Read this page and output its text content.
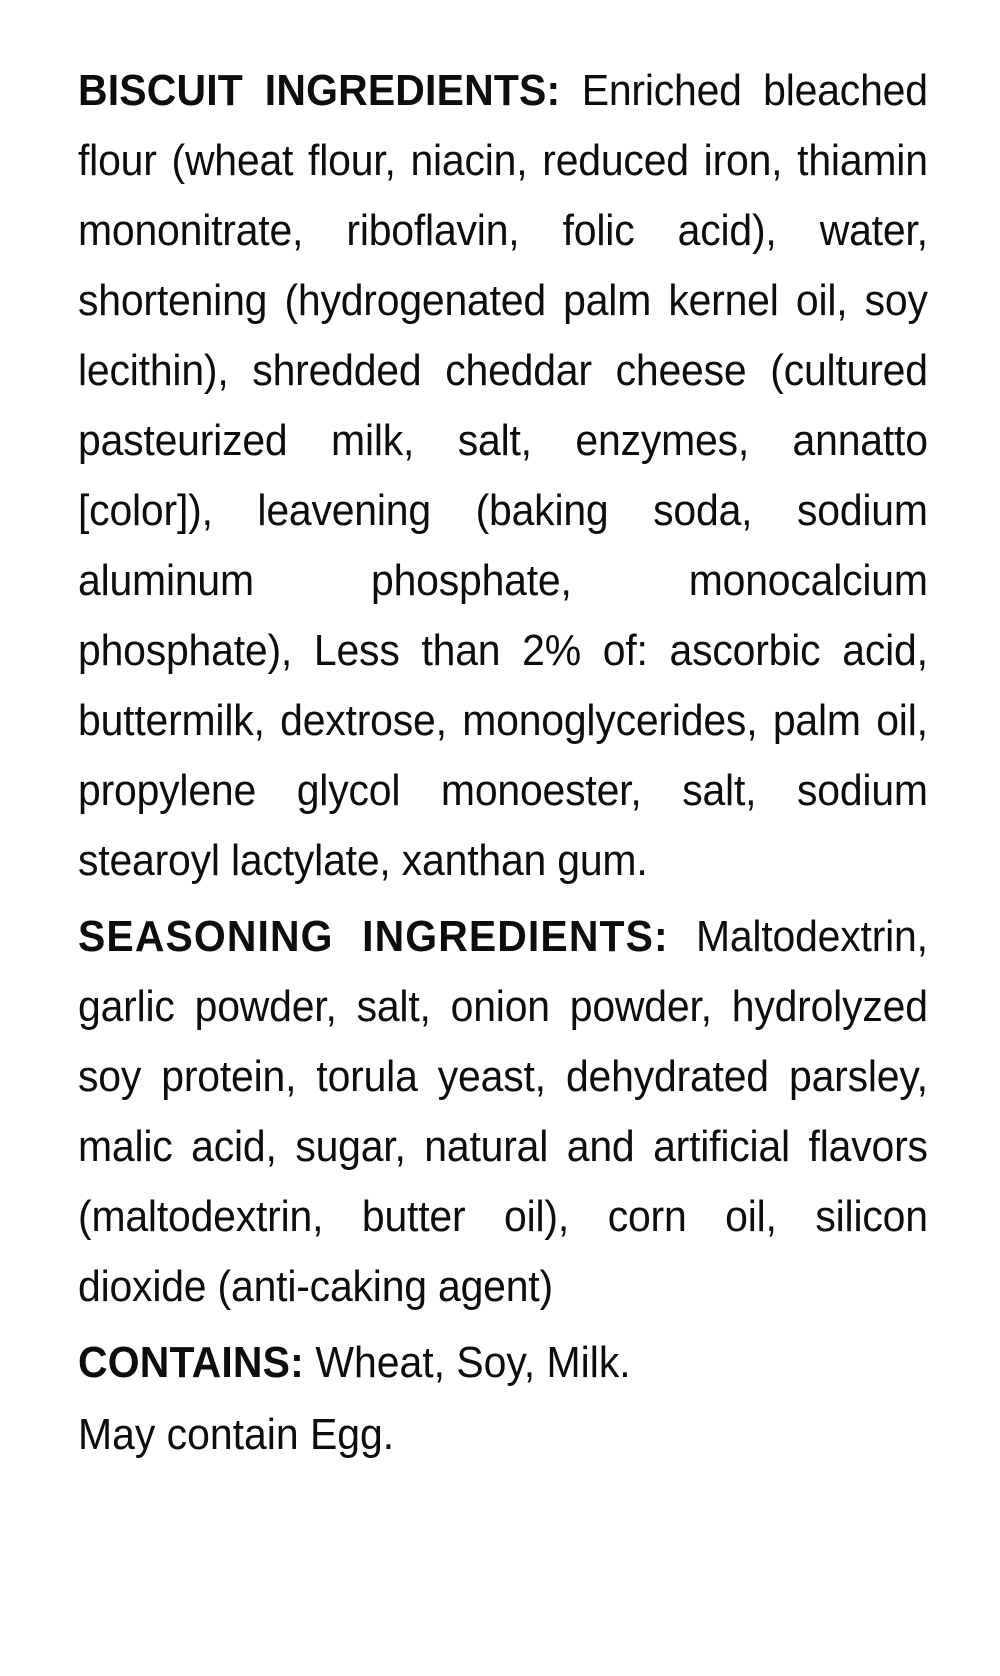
BISCUIT INGREDIENTS: Enriched bleached flour (wheat flour, niacin, reduced iron, thiamin mononitrate, riboflavin, folic acid), water, shortening (hydrogenated palm kernel oil, soy lecithin), shredded cheddar cheese (cultured pasteurized milk, salt, enzymes, annatto [color]), leavening (baking soda, sodium aluminum phosphate, monocalcium phosphate), Less than 2% of: ascorbic acid, buttermilk, dextrose, monoglycerides, palm oil, propylene glycol monoester, salt, sodium stearoyl lactylate, xanthan gum.

SEASONING INGREDIENTS: Maltodextrin, garlic powder, salt, onion powder, hydrolyzed soy protein, torula yeast, dehydrated parsley, malic acid, sugar, natural and artificial flavors (maltodextrin, butter oil), corn oil, silicon dioxide (anti-caking agent)

CONTAINS: Wheat, Soy, Milk.

May contain Egg.
